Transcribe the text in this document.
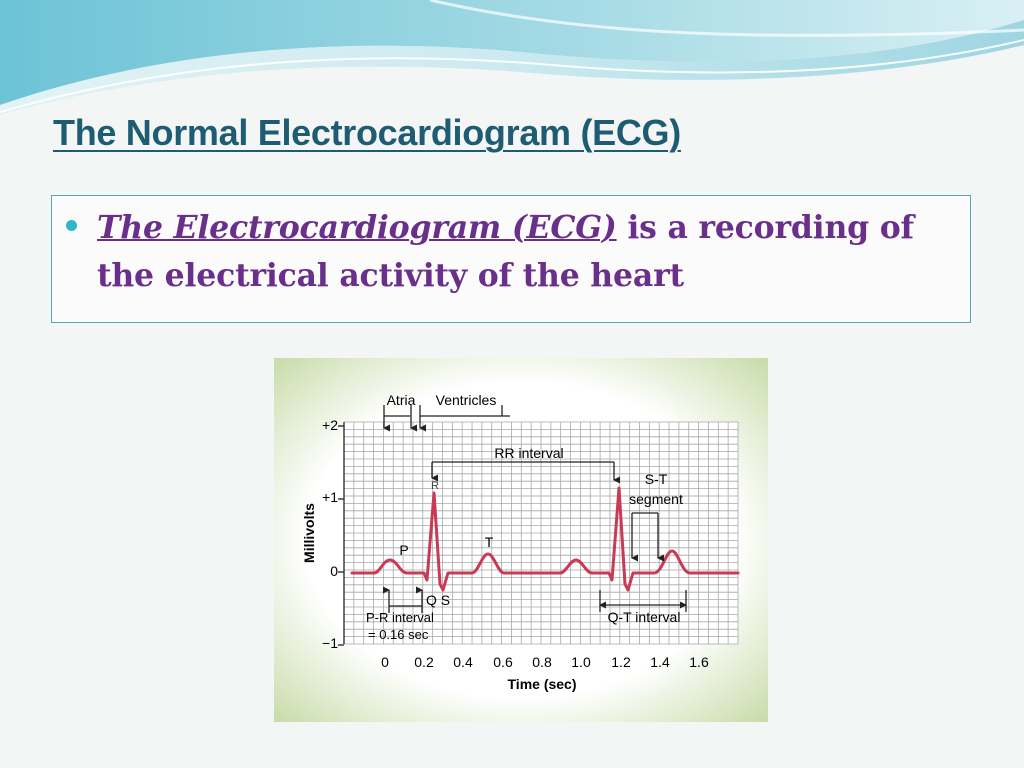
The Normal Electrocardiogram (ECG)

The Electrocardiogram (ECG) is a recording of the electrical activity of the heart

Millivolts
+2
+1
0
−1
0 0.2 0.4 0.6 0.8 1.0 1.2 1.4 1.6
Time (sec)
Atria Ventricles
RR interval
R
P	T
Q S
S-T
segment
P-R interval
= 0.16 sec
Q-T interval
